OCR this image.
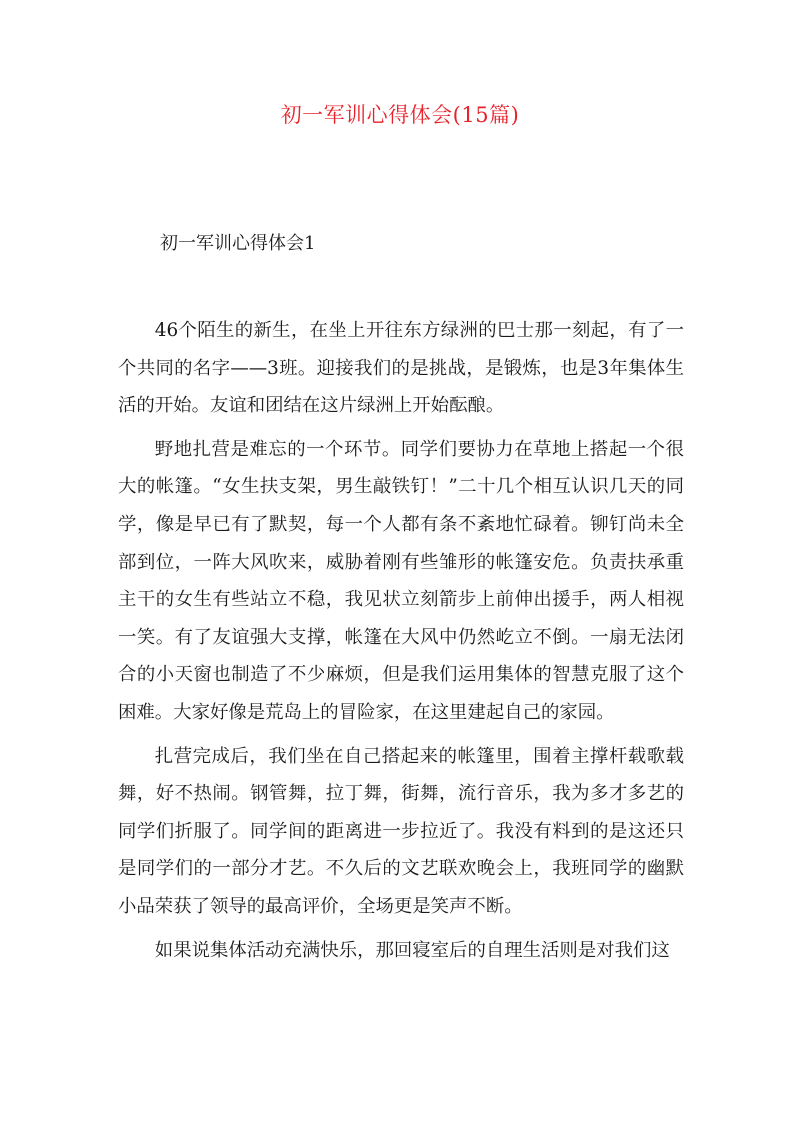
初一军训心得体会(15篇)
初一军训心得体会1

46个陌生的新生，在坐上开往东方绿洲的巴士那一刻起，有了一个共同的名字——3班。迎接我们的是挑战，是锻炼，也是3年集体生活的开始。友谊和团结在这片绿洲上开始酝酿。

野地扎营是难忘的一个环节。同学们要协力在草地上搭起一个很大的帐篷。“女生扶支架，男生敲铁钉！”二十几个相互认识几天的同学，像是早已有了默契，每一个人都有条不紊地忙碌着。铆钉尚未全部到位，一阵大风吹来，威胁着刚有些雏形的帐篷安危。负责扶承重主干的女生有些站立不稳，我见状立刻箭步上前伸出援手，两人相视一笑。有了友谊强大支撑，帐篷在大风中仍然屹立不倒。一扇无法闭合的小天窗也制造了不少麻烦，但是我们运用集体的智慧克服了这个困难。大家好像是荒岛上的冒险家，在这里建起自己的家园。

扎营完成后，我们坐在自己搭起来的帐篷里，围着主撑杆载歌载舞，好不热闹。钢管舞，拉丁舞，街舞，流行音乐，我为多才多艺的同学们折服了。同学间的距离进一步拉近了。我没有料到的是这还只是同学们的一部分才艺。不久后的文艺联欢晚会上，我班同学的幽默小品荣获了领导的最高评价，全场更是笑声不断。

如果说集体活动充满快乐，那回寝室后的自理生活则是对我们这
